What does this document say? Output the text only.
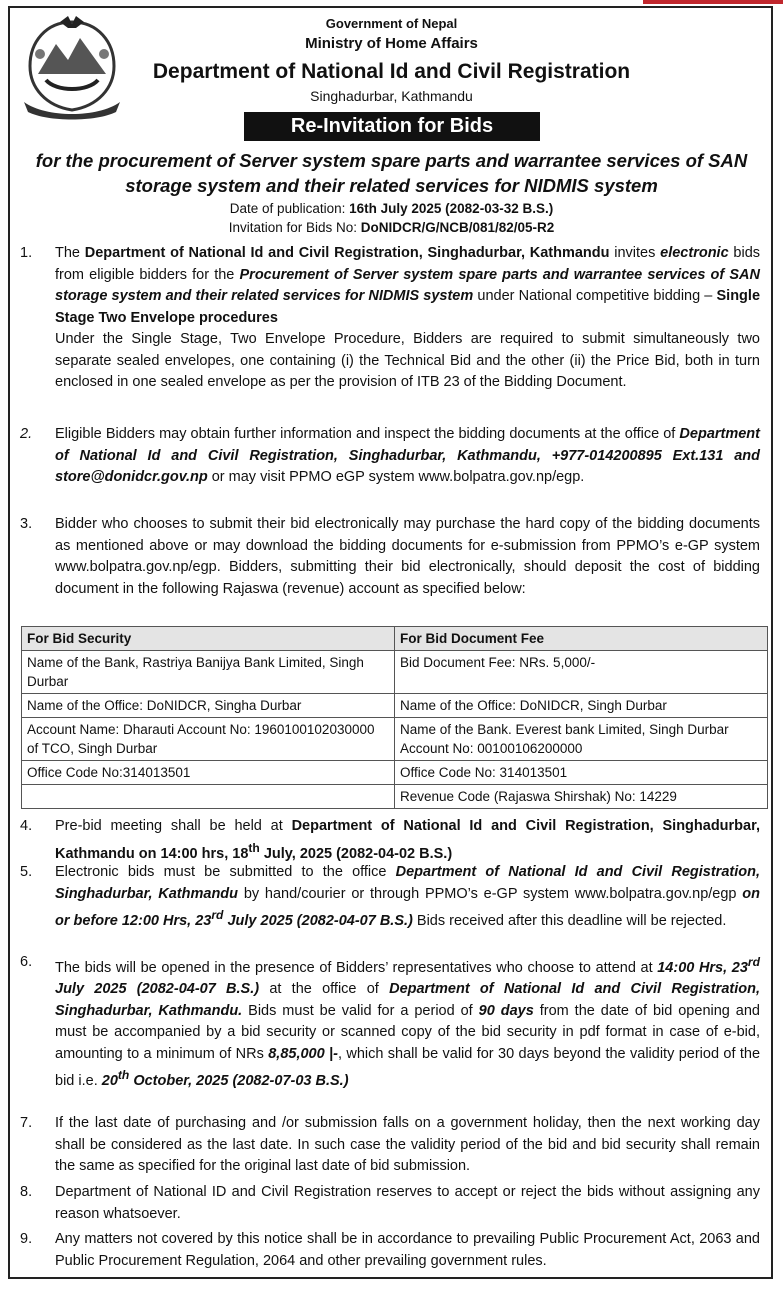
Government of Nepal
Ministry of Home Affairs
Department of National Id and Civil Registration
Singhadurbar, Kathmandu
Re-Invitation for Bids
for the procurement of Server system spare parts and warrantee services of SAN storage system and their related services for NIDMIS system
Date of publication: 16th July 2025 (2082-03-32 B.S.)
Invitation for Bids No: DoNIDCR/G/NCB/081/82/05-R2
1.	The Department of National Id and Civil Registration, Singhadurbar, Kathmandu invites electronic bids from eligible bidders for the Procurement of Server system spare parts and warrantee services of SAN storage system and their related services for NIDMIS system under National competitive bidding – Single Stage Two Envelope procedures
Under the Single Stage, Two Envelope Procedure, Bidders are required to submit simultaneously two separate sealed envelopes, one containing (i) the Technical Bid and the other (ii) the Price Bid, both in turn enclosed in one sealed envelope as per the provision of ITB 23 of the Bidding Document.
2.	Eligible Bidders may obtain further information and inspect the bidding documents at the office of Department of National Id and Civil Registration, Singhadurbar, Kathmandu, +977-014200895 Ext.131 and store@donidcr.gov.np or may visit PPMO eGP system www.bolpatra.gov.np/egp.
3.	Bidder who chooses to submit their bid electronically may purchase the hard copy of the bidding documents as mentioned above or may download the bidding documents for e-submission from PPMO’s e-GP system www.bolpatra.gov.np/egp. Bidders, submitting their bid electronically, should deposit the cost of bidding document in the following Rajaswa (revenue) account as specified below:
For Bid Security	For Bid Document Fee
Name of the Bank, Rastriya Banijya Bank Limited, Singh Durbar	Bid Document Fee: NRs. 5,000/-
Name of the Office: DoNIDCR, Singha Durbar	Name of the Office: DoNIDCR, Singh Durbar
Account Name: Dharauti Account No: 1960100102030000 of TCO, Singh Durbar	Name of the Bank. Everest bank Limited, Singh Durbar Account No: 00100106200000
Office Code No:314013501	Office Code No: 314013501
	Revenue Code (Rajaswa Shirshak) No: 14229
4.	Pre-bid meeting shall be held at Department of National Id and Civil Registration, Singhadurbar, Kathmandu on 14:00 hrs, 18th July, 2025 (2082-04-02 B.S.)
5.	Electronic bids must be submitted to the office Department of National Id and Civil Registration, Singhadurbar, Kathmandu by hand/courier or through PPMO’s e-GP system www.bolpatra.gov.np/egp on or before 12:00 Hrs, 23rd July 2025 (2082-04-07 B.S.) Bids received after this deadline will be rejected.
6.	The bids will be opened in the presence of Bidders’ representatives who choose to attend at 14:00 Hrs, 23rd July 2025 (2082-04-07 B.S.) at the office of Department of National Id and Civil Registration, Singhadurbar, Kathmandu. Bids must be valid for a period of 90 days from the date of bid opening and must be accompanied by a bid security or scanned copy of the bid security in pdf format in case of e-bid, amounting to a minimum of NRs 8,85,000 |-, which shall be valid for 30 days beyond the validity period of the bid i.e. 20th October, 2025 (2082-07-03 B.S.)
7.	If the last date of purchasing and /or submission falls on a government holiday, then the next working day shall be considered as the last date. In such case the validity period of the bid and bid security shall remain the same as specified for the original last date of bid submission.
8.	Department of National ID and Civil Registration reserves to accept or reject the bids without assigning any reason whatsoever.
9.	Any matters not covered by this notice shall be in accordance to prevailing Public Procurement Act, 2063 and Public Procurement Regulation, 2064 and other prevailing government rules.
